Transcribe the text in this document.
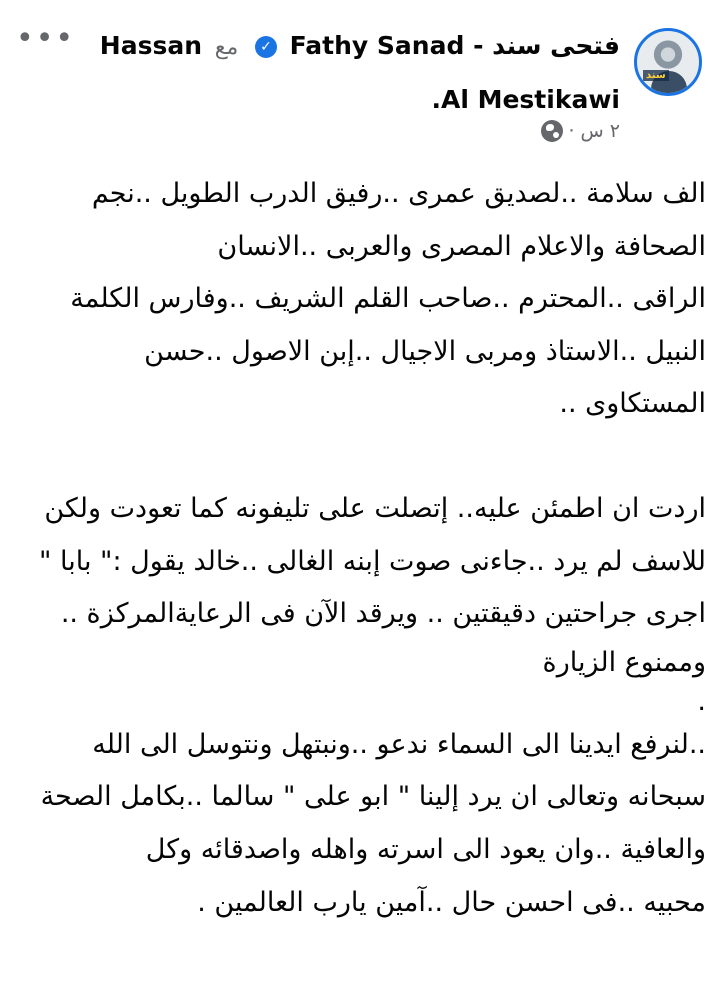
سند
فتحى سند - Fathy Sanad ✓ مع Hassan Al Mestikawi.
•••
٢ س
·
الف سلامة ..لصديق عمرى ..رفيق الدرب الطويل ..نجم
الصحافة والاعلام المصرى والعربى ..الانسان
الراقى ..المحترم ..صاحب القلم الشريف ..وفارس الكلمة
النبيل ..الاستاذ ومربى الاجيال ..إبن الاصول ..حسن
المستكاوى ..
اردت ان اطمئن عليه.. إتصلت على تليفونه كما تعودت ولكن
للاسف لم يرد ..جاءنى صوت إبنه الغالى ..خالد يقول :" بابا "
اجرى جراحتين دقيقتين .. ويرقد الآن فى الرعايةالمركزة ..
وممنوع الزيارة
.
..لنرفع ايدينا الى السماء ندعو ..ونبتهل ونتوسل الى الله
سبحانه وتعالى ان يرد إلينا " ابو على " سالما ..بكامل الصحة
والعافية ..وان يعود الى اسرته واهله واصدقائه وكل
محبيه ..فى احسن حال ..آمين يارب العالمين .
